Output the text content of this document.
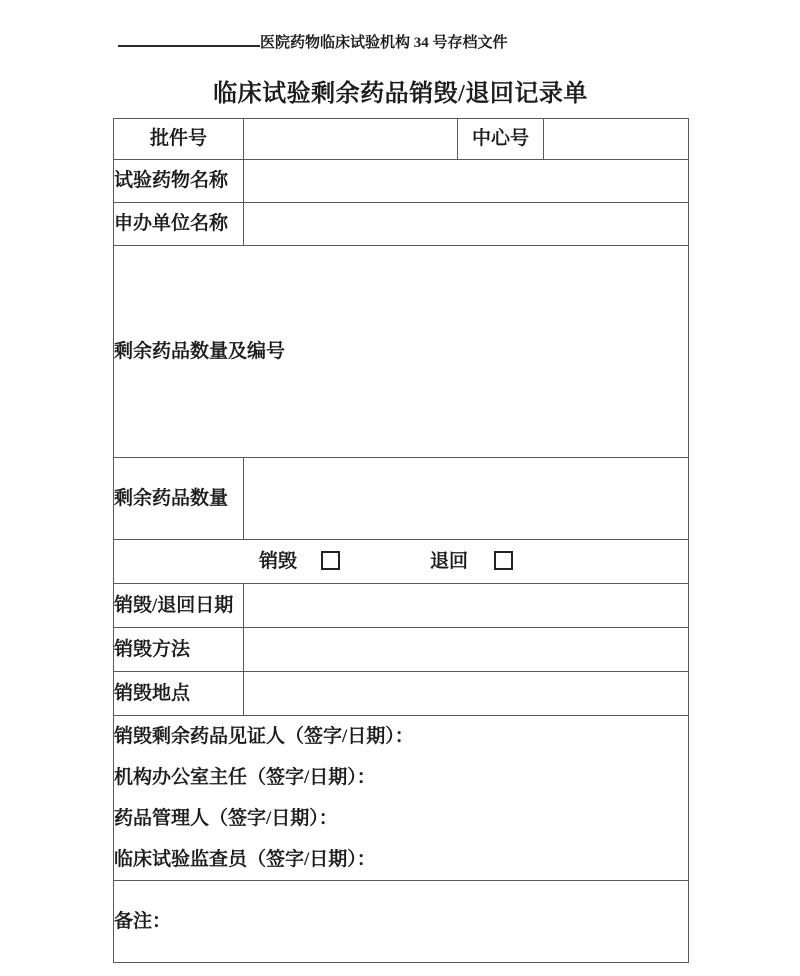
医院药物临床试验机构 34 号存档文件
临床试验剩余药品销毁/退回记录单
批件号		中心号	
试验药物名称			
申办单位名称			
剩余药品数量及编号			
剩余药品数量			

销毁 退回			

销毁/退回日期			
销毁方法			
销毁地点			

销毁剩余药品见证人（签字/日期）：
机构办公室主任（签字/日期）：
药品管理人（签字/日期）：
临床试验监查员（签字/日期）：			

备注：			
